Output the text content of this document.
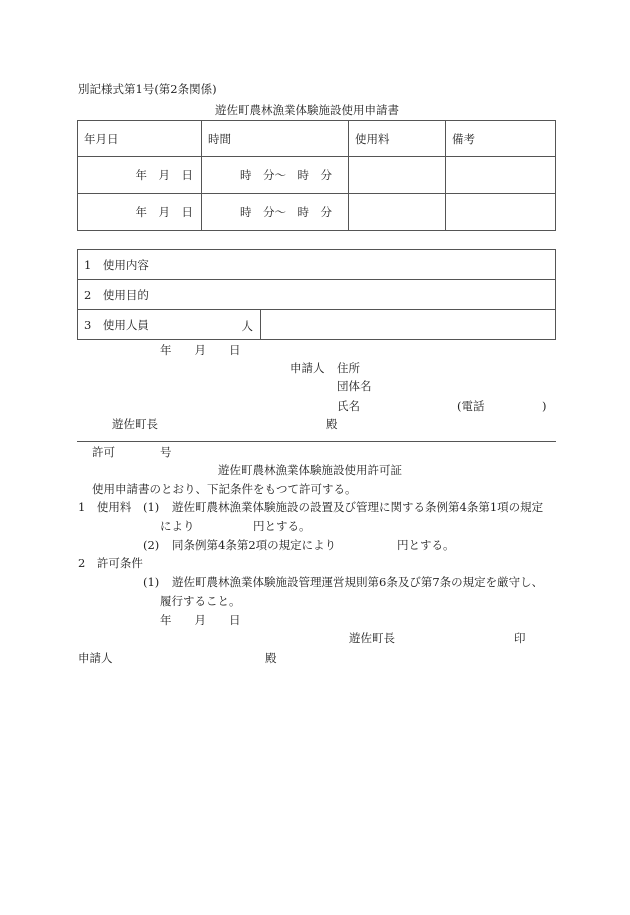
別記様式第1号(第2条関係)
遊佐町農林漁業体験施設使用申請書
年月日	時間	使用料	備考
年　月　日	時　分〜　時　分		
年　月　日	時　分〜　時　分		
1　使用内容
2　使用目的
3　使用人員	人

年　　月　　日
申請人 住所
団体名
氏名	(電話	)
遊佐町長	殿
許可	号
遊佐町農林漁業体験施設使用許可証
使用申請書のとおり、下記条件をもつて許可する。
1　使用料 (1) 遊佐町農林漁業体験施設の設置及び管理に関する条例第4条第1項の規定
により	円とする。
(2) 同条例第4条第2項の規定により	円とする。
2　許可条件
(1) 遊佐町農林漁業体験施設管理運営規則第6条及び第7条の規定を厳守し、
履行すること。
年　　月　　日
遊佐町長	印
申請人	殿
